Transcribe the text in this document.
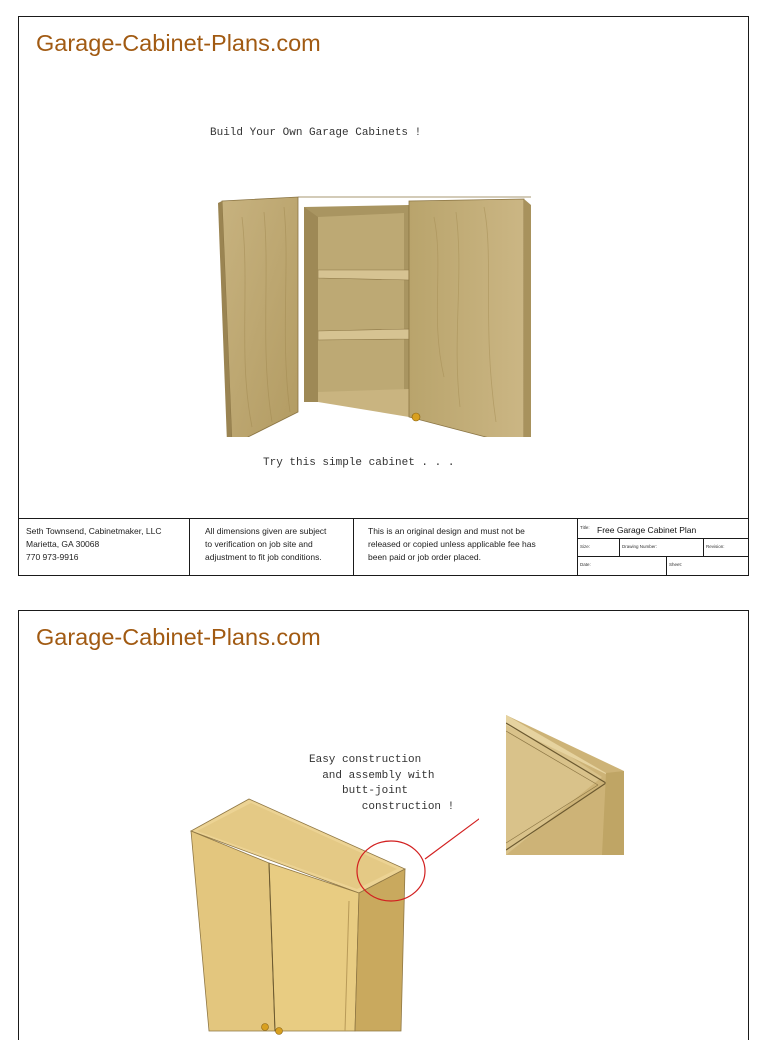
Garage-Cabinet-Plans.com
Build Your Own Garage Cabinets !
Try this simple cabinet . . .
Seth Townsend, Cabinetmaker, LLC
Marietta, GA 30068
770 973-9916
All dimensions given are subject
to verification on job site and
adjustment to fit job conditions.
This is an original design and must not be
released or copied unless applicable fee has
been paid or job order placed.
Title: Free Garage Cabinet Plan
Size:	Drawing Number:	Revision:
Date:	Sheet:
Garage-Cabinet-Plans.com
Easy construction
and assembly with
butt-joint
construction !
